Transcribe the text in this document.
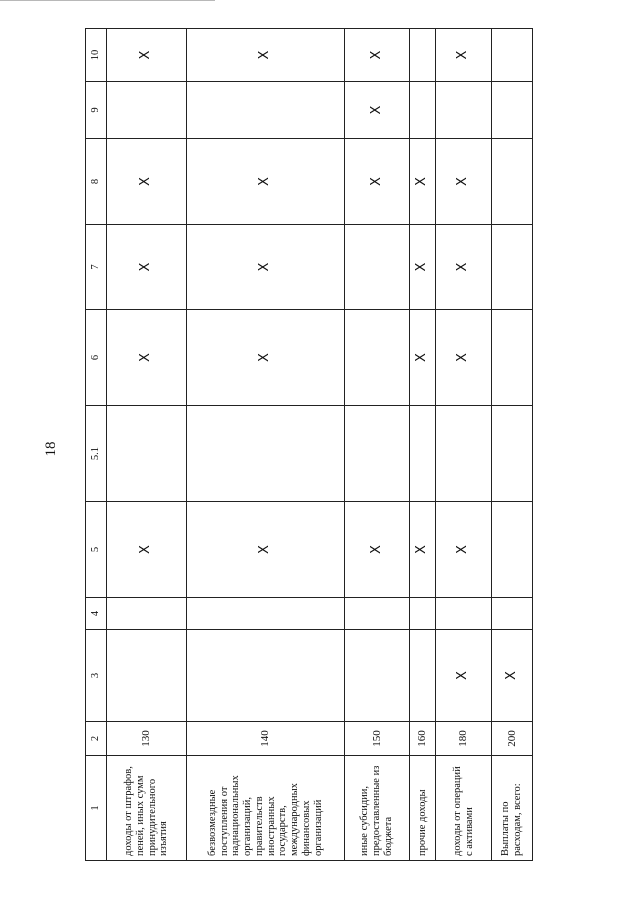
18
1	2	3	4	5	5.1	6	7	8	9	10
доходы от штрафов, пеней, иных сумм принудительного изъятия	130			X		X	X	X		X
безвозмездные поступления от наднациональных организаций, правительств иностранных государств, международных финансовых организаций	140			X		X	X	X		X
иные субсидии, предоставленные из бюджета	150			X				X	X	X
прочие доходы	160			X		X	X	X		
доходы от операций с активами	180	X		X		X	X	X		X
Выплаты по расходам, всего:	200	X								
